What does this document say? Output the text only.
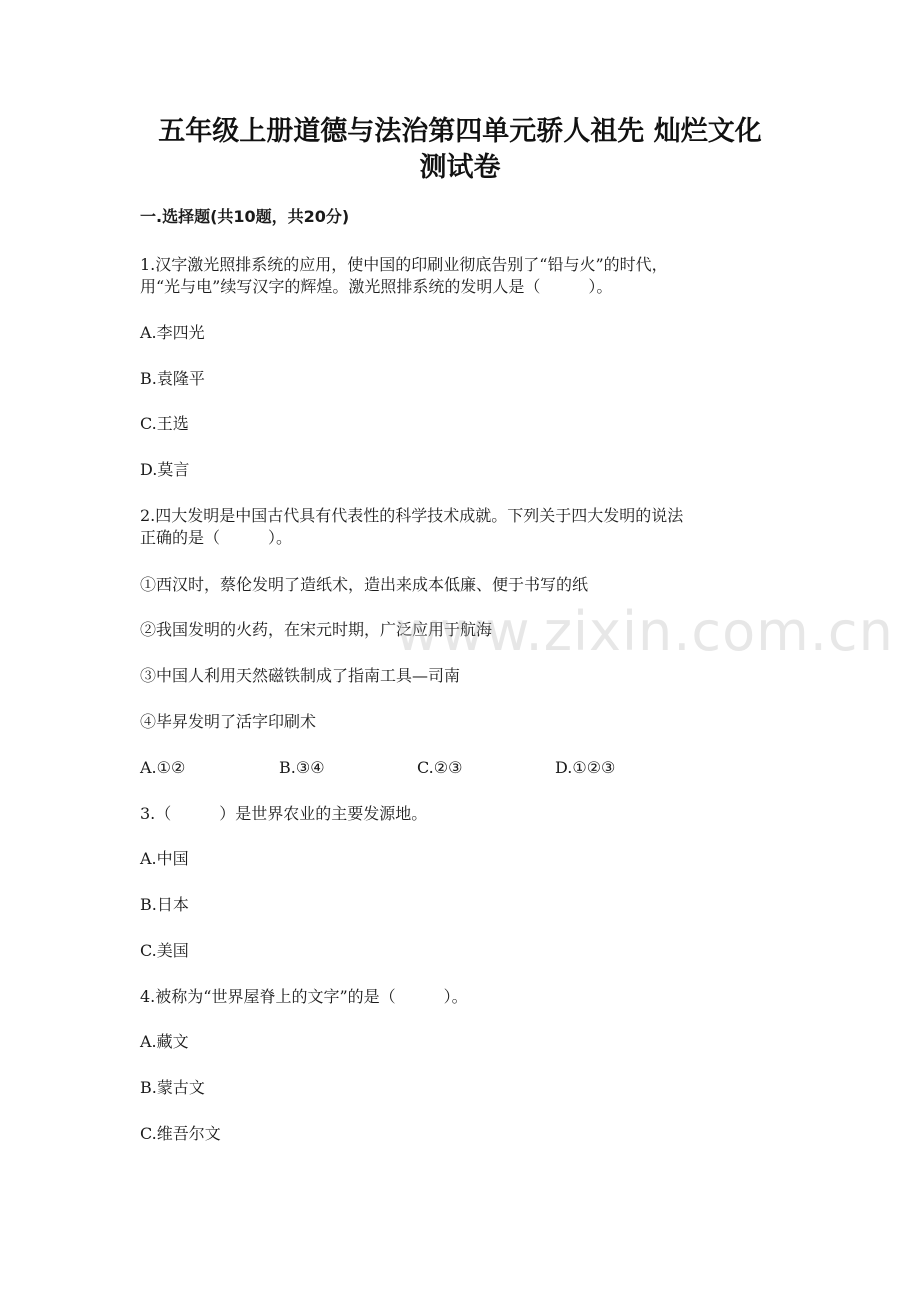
五年级上册道德与法治第四单元骄人祖先 灿烂文化
测试卷
一.选择题(共10题，共20分)
1.汉字激光照排系统的应用，使中国的印刷业彻底告别了“铅与火”的时代，
用“光与电”续写汉字的辉煌。激光照排系统的发明人是（　　　）。
A.李四光
B.袁隆平
C.王选
D.莫言
2.四大发明是中国古代具有代表性的科学技术成就。下列关于四大发明的说法
正确的是（　　　）。
①西汉时，蔡伦发明了造纸术，造出来成本低廉、便于书写的纸
②我国发明的火药，在宋元时期，广泛应用于航海
③中国人利用天然磁铁制成了指南工具—司南
④毕昇发明了活字印刷术
A.①②	B.③④	C.②③	D.①②③
3.（　　　）是世界农业的主要发源地。
A.中国
B.日本
C.美国
4.被称为“世界屋脊上的文字”的是（　　　）。
A.藏文
B.蒙古文
C.维吾尔文
www.zixin.com.cn
